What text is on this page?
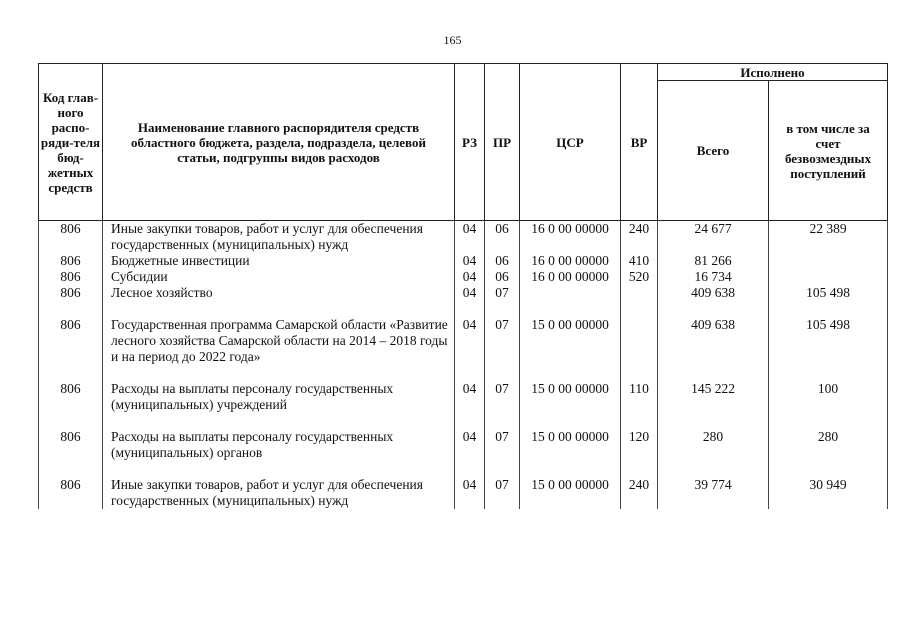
165
Код глав-ного распо-ряди-теля бюд-жетных средств	Наименование главного распорядителя средств областного бюджета, раздела, подраздела, целевой статьи, подгруппы видов расходов	РЗ	ПР	ЦСР	ВР	Исполнено	
						Всего	в том числе за счет безвозмездных поступлений
806	Иные закупки товаров, работ и услуг для обеспечения государственных (муниципальных) нужд	04	06	16 0 00 00000	240	24 677	22 389
806	Бюджетные инвестиции	04	06	16 0 00 00000	410	81 266	
806	Субсидии	04	06	16 0 00 00000	520	16 734	
806	Лесное хозяйство	04	07			409 638	105 498

806	Государственная программа Самарской области «Развитие лесного хозяйства Самарской области на 2014 – 2018 годы и на период до 2022 года»	04	07	15 0 00 00000		409 638	105 498

806	Расходы на выплаты персоналу государственных (муниципальных) учреждений	04	07	15 0 00 00000	110	145 222	100

806	Расходы на выплаты персоналу государственных (муниципальных) органов	04	07	15 0 00 00000	120	280	280

806	Иные закупки товаров, работ и услуг для обеспечения государственных (муниципальных) нужд	04	07	15 0 00 00000	240	39 774	30 949
